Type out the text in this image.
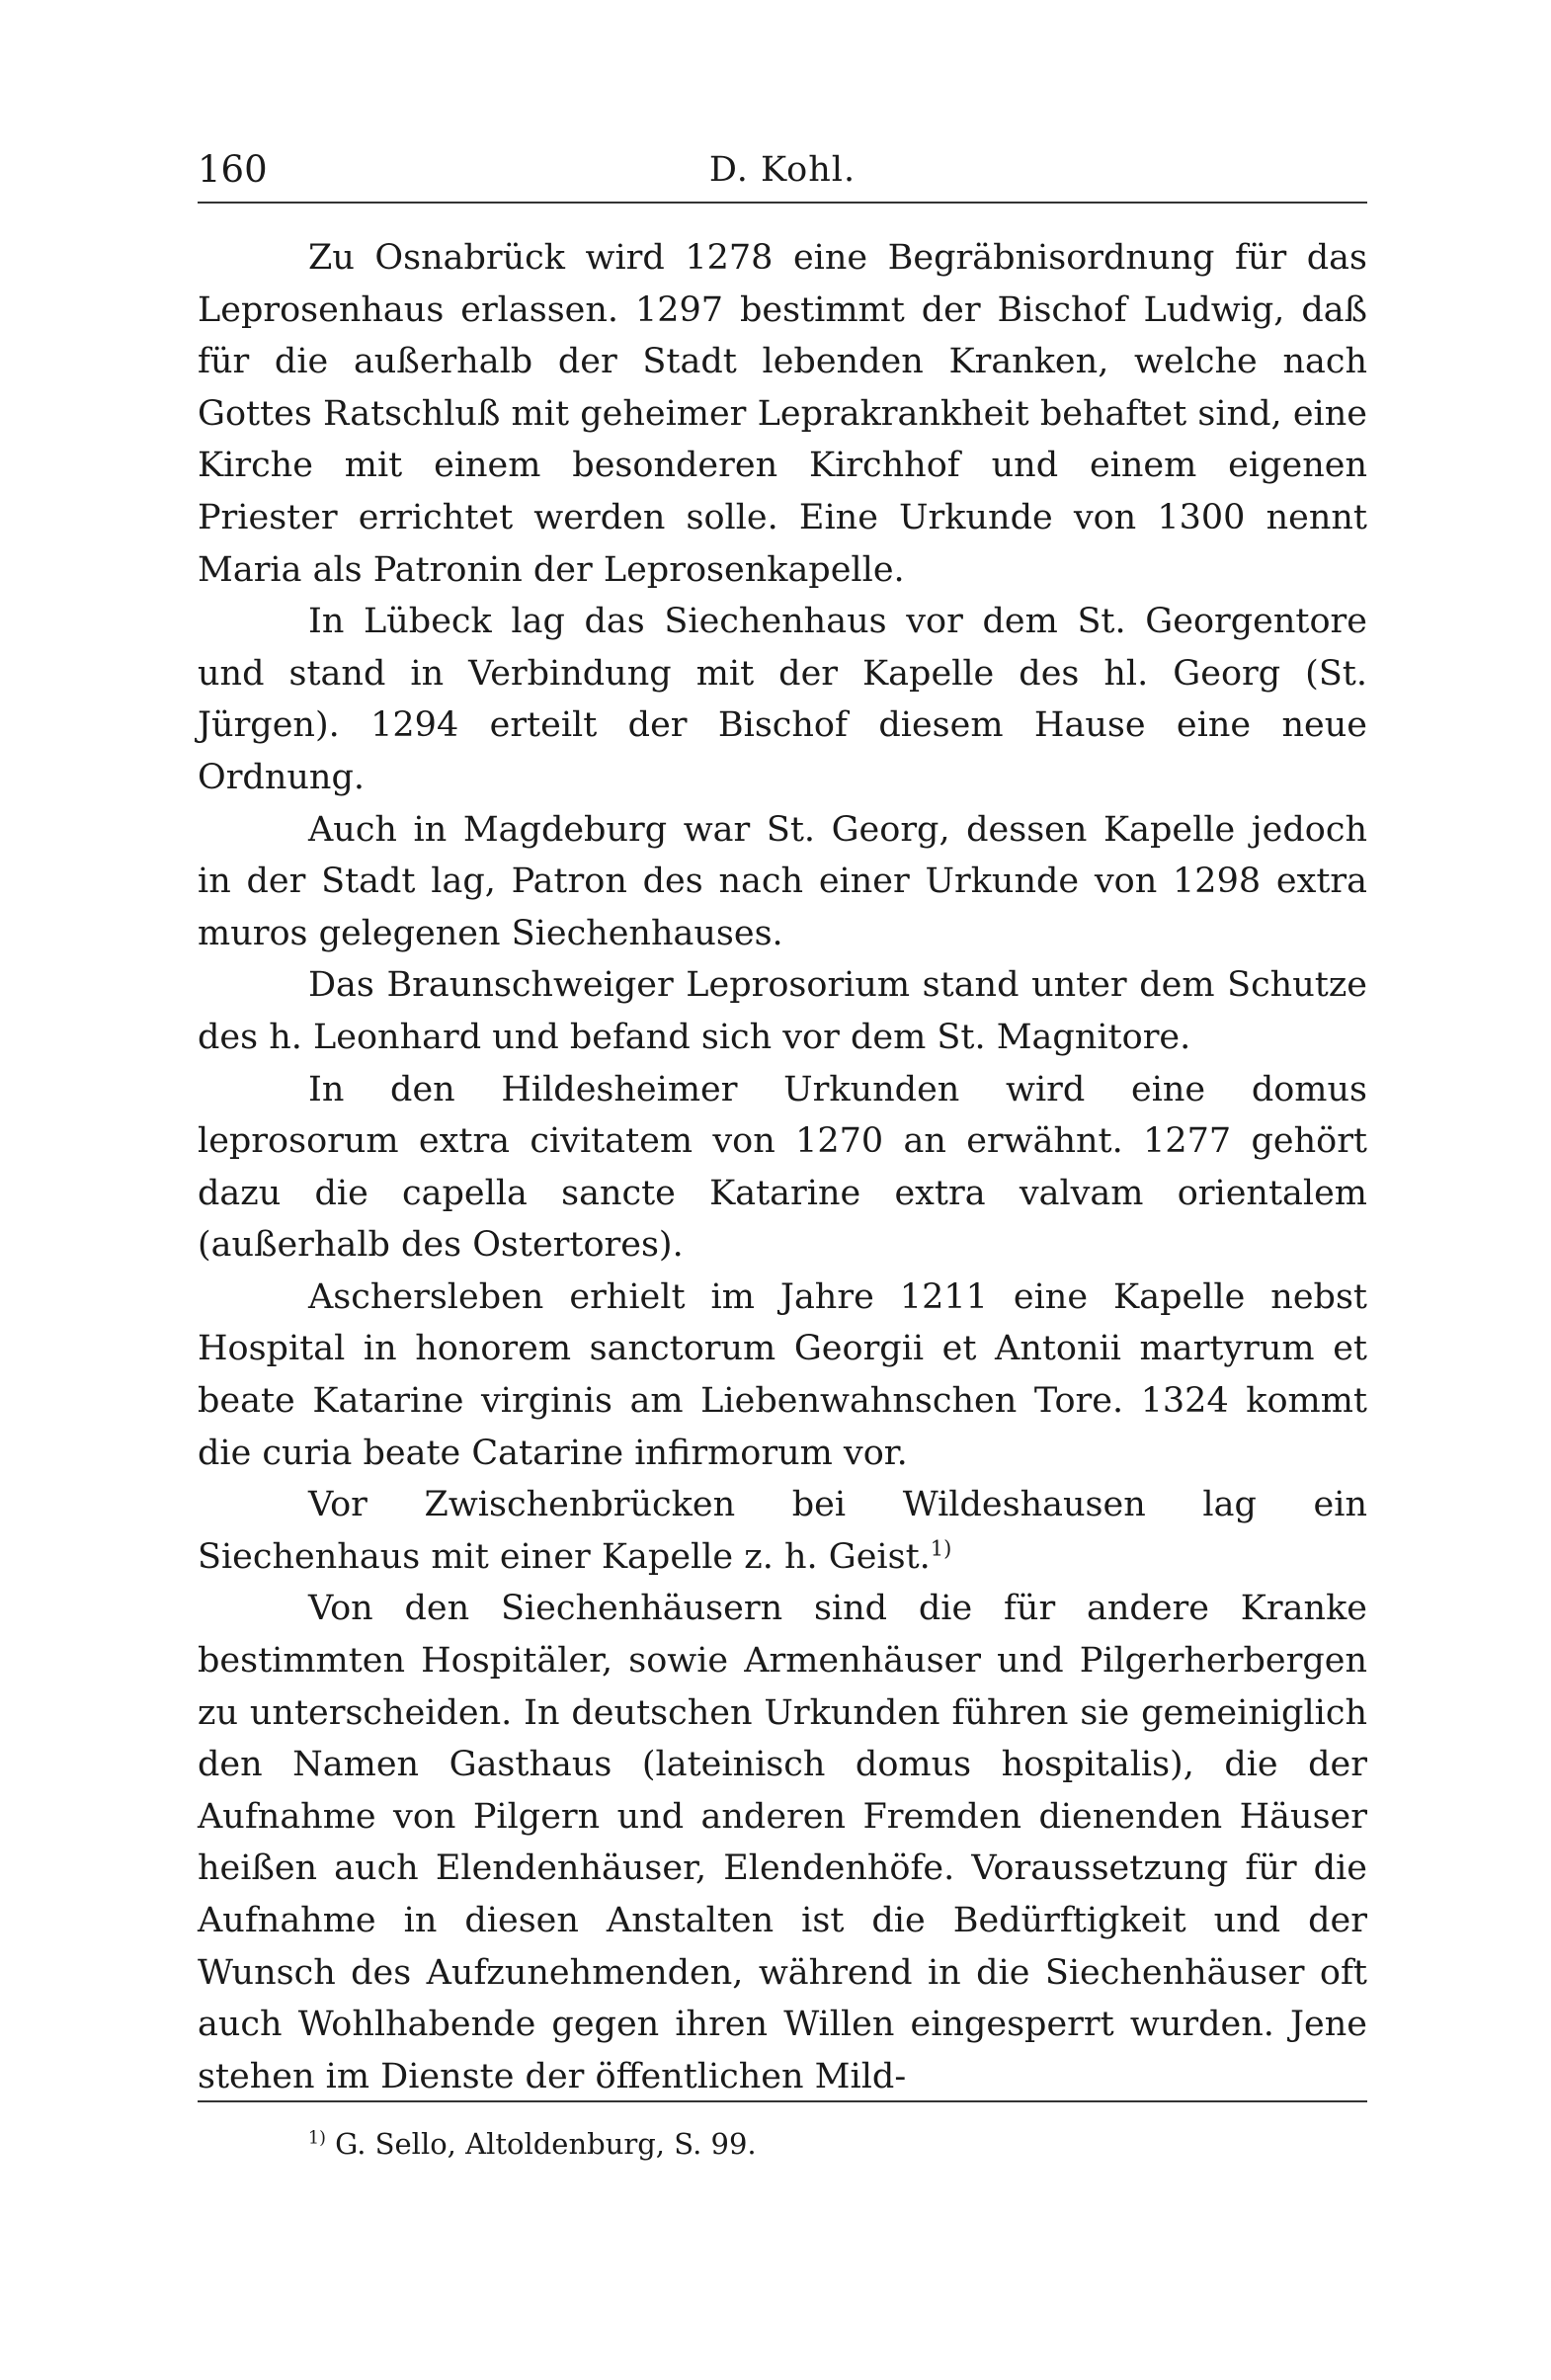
160	D. Kohl.

Zu Osnabrück wird 1278 eine Begräbnisordnung für das Leprosenhaus erlassen. 1297 bestimmt der Bischof Ludwig, daß für die außerhalb der Stadt lebenden Kranken, welche nach Gottes Ratschluß mit geheimer Leprakrankheit behaftet sind, eine Kirche mit einem besonderen Kirchhof und einem eigenen Priester errichtet werden solle. Eine Urkunde von 1300 nennt Maria als Patronin der Leprosenkapelle.

In Lübeck lag das Siechenhaus vor dem St. Georgentore und stand in Verbindung mit der Kapelle des hl. Georg (St. Jürgen). 1294 erteilt der Bischof diesem Hause eine neue Ordnung.

Auch in Magdeburg war St. Georg, dessen Kapelle jedoch in der Stadt lag, Patron des nach einer Urkunde von 1298 extra muros gelegenen Siechenhauses.

Das Braunschweiger Leprosorium stand unter dem Schutze des h. Leonhard und befand sich vor dem St. Magnitore.

In den Hildesheimer Urkunden wird eine domus leprosorum extra civitatem von 1270 an erwähnt. 1277 gehört dazu die capella sancte Katarine extra valvam orientalem (außerhalb des Ostertores).

Aschersleben erhielt im Jahre 1211 eine Kapelle nebst Hospital in honorem sanctorum Georgii et Antonii martyrum et beate Katarine virginis am Liebenwahnschen Tore. 1324 kommt die curia beate Catarine infirmorum vor.

Vor Zwischenbrücken bei Wildeshausen lag ein Siechenhaus mit einer Kapelle z. h. Geist.$^{1)}$

Von den Siechenhäusern sind die für andere Kranke bestimmten Hospitäler, sowie Armenhäuser und Pilgerherbergen zu unterscheiden. In deutschen Urkunden führen sie gemeiniglich den Namen Gasthaus (lateinisch domus hospitalis), die der Aufnahme von Pilgern und anderen Fremden dienenden Häuser heißen auch Elendenhäuser, Elendenhöfe. Voraussetzung für die Aufnahme in diesen Anstalten ist die Bedürftigkeit und der Wunsch des Aufzunehmenden, während in die Siechenhäuser oft auch Wohlhabende gegen ihren Willen eingesperrt wurden. Jene stehen im Dienste der öffentlichen Mild-

$^{1)}$ G. Sello, Altoldenburg, S. 99.
